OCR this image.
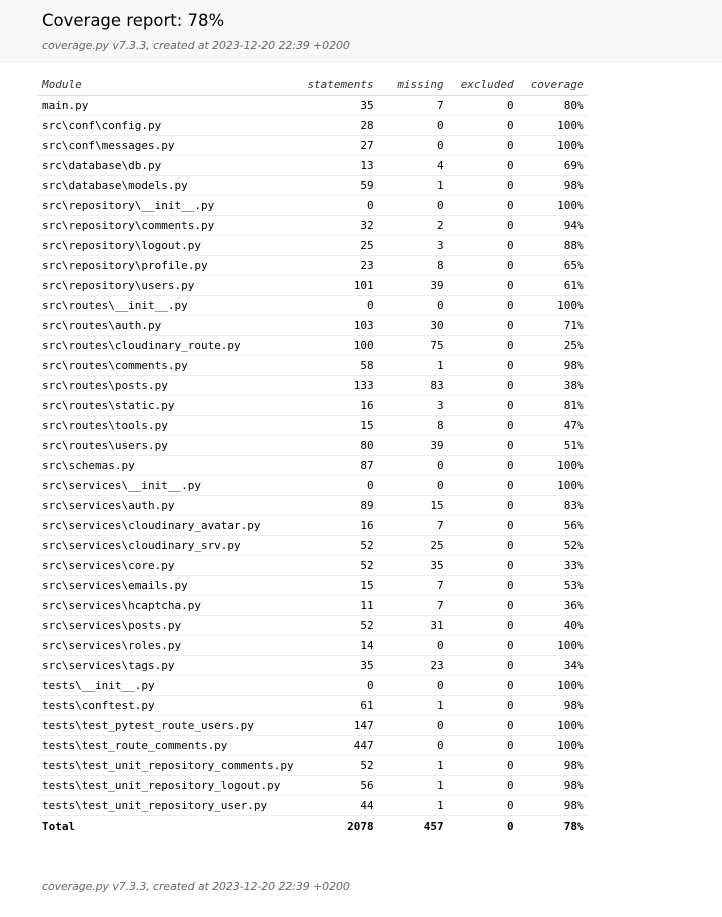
Coverage report: 78%
coverage.py v7.3.3, created at 2023-12-20 22:39 +0200
Module	statements	missing	excluded	coverage
main.py	35	7	0	80%
src\conf\config.py	28	0	0	100%
src\conf\messages.py	27	0	0	100%
src\database\db.py	13	4	0	69%
src\database\models.py	59	1	0	98%
src\repository\__init__.py	0	0	0	100%
src\repository\comments.py	32	2	0	94%
src\repository\logout.py	25	3	0	88%
src\repository\profile.py	23	8	0	65%
src\repository\users.py	101	39	0	61%
src\routes\__init__.py	0	0	0	100%
src\routes\auth.py	103	30	0	71%
src\routes\cloudinary_route.py	100	75	0	25%
src\routes\comments.py	58	1	0	98%
src\routes\posts.py	133	83	0	38%
src\routes\static.py	16	3	0	81%
src\routes\tools.py	15	8	0	47%
src\routes\users.py	80	39	0	51%
src\schemas.py	87	0	0	100%
src\services\__init__.py	0	0	0	100%
src\services\auth.py	89	15	0	83%
src\services\cloudinary_avatar.py	16	7	0	56%
src\services\cloudinary_srv.py	52	25	0	52%
src\services\core.py	52	35	0	33%
src\services\emails.py	15	7	0	53%
src\services\hcaptcha.py	11	7	0	36%
src\services\posts.py	52	31	0	40%
src\services\roles.py	14	0	0	100%
src\services\tags.py	35	23	0	34%
tests\__init__.py	0	0	0	100%
tests\conftest.py	61	1	0	98%
tests\test_pytest_route_users.py	147	0	0	100%
tests\test_route_comments.py	447	0	0	100%
tests\test_unit_repository_comments.py	52	1	0	98%
tests\test_unit_repository_logout.py	56	1	0	98%
tests\test_unit_repository_user.py	44	1	0	98%
Total	2078	457	0	78%
coverage.py v7.3.3, created at 2023-12-20 22:39 +0200
